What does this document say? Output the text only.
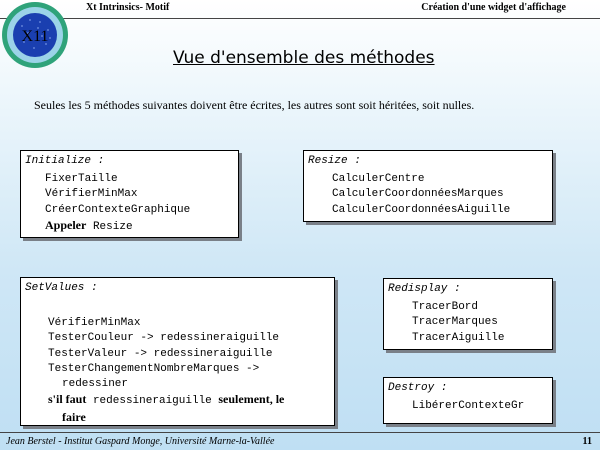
Xt Intrinsics- Motif	Création d'une widget d'affichage
X11
Vue d'ensemble des méthodes
Seules les 5 méthodes suivantes doivent être écrites, les autres sont soit héritées, soit nulles.
Initialize :
FixerTaille
VérifierMinMax
CréerContexteGraphique
Appeler Resize
Resize :
CalculerCentre
CalculerCoordonnéesMarques
CalculerCoordonnéesAiguille
SetValues :
VérifierMinMax
TesterCouleur -> redessineraiguille
TesterValeur -> redessineraiguille
TesterChangementNombreMarques ->
redessiner
s'il faut redessineraiguille seulement, le
faire
Redisplay :
TracerBord
TracerMarques
TracerAiguille
Destroy :
LibérerContexteGr
Jean Berstel - Institut Gaspard Monge, Université Marne-la-Vallée	11
